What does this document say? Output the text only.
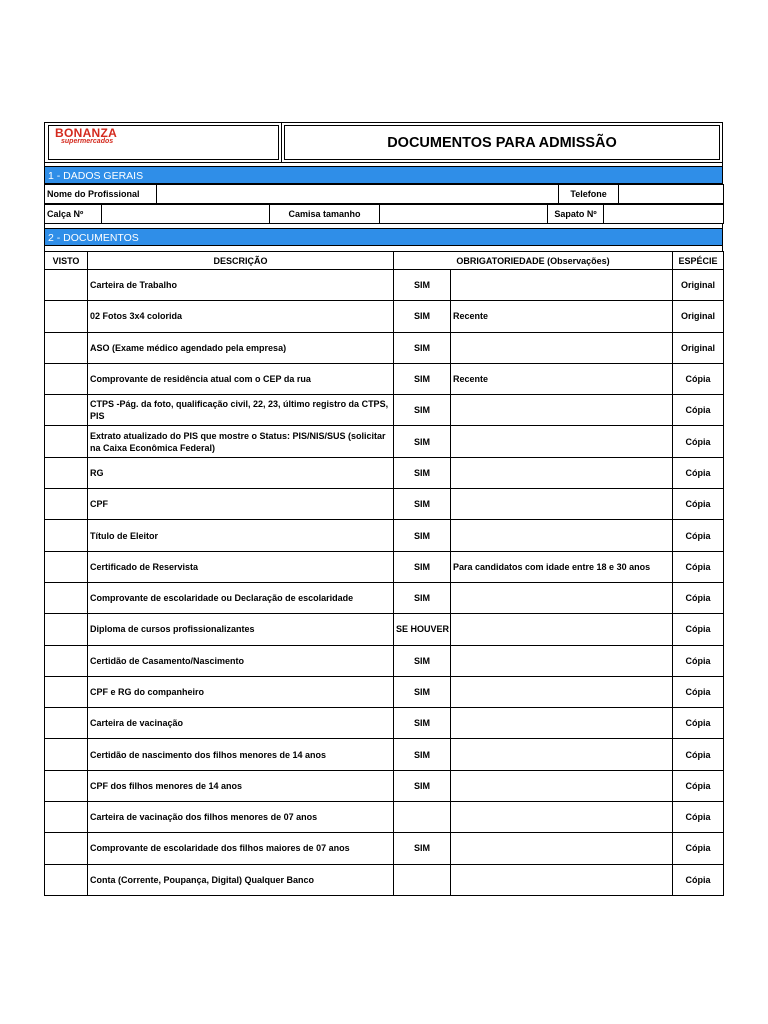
BONANZA
supermercados	DOCUMENTOS PARA ADMISSÃO
1 - DADOS GERAIS
Nome do Profissional		Telefone	
Calça Nº		Camisa tamanho		Sapato Nº	
2 - DOCUMENTOS
VISTO	DESCRIÇÃO	OBRIGATORIEDADE (Observações)		ESPÉCIE
	Carteira de Trabalho	SIM		Original
	02 Fotos 3x4 colorida	SIM	Recente	Original
	ASO (Exame médico agendado pela empresa)	SIM		Original
	Comprovante de residência atual com o CEP da rua	SIM	Recente	Cópia
	CTPS -Pág. da foto, qualificação civil, 22, 23, último registro da CTPS, PIS	SIM		Cópia
	Extrato atualizado do PIS que mostre o Status: PIS/NIS/SUS (solicitar na Caixa Econômica Federal)	SIM		Cópia
	RG	SIM		Cópia
	CPF	SIM		Cópia
	Título de Eleitor	SIM		Cópia
	Certificado de Reservista	SIM	Para candidatos com idade entre 18 e 30 anos	Cópia
	Comprovante de escolaridade ou Declaração de escolaridade	SIM		Cópia
	Diploma de cursos profissionalizantes	SE HOUVER		Cópia
	Certidão de Casamento/Nascimento	SIM		Cópia
	CPF e RG do companheiro	SIM		Cópia
	Carteira de vacinação	SIM		Cópia
	Certidão de nascimento dos filhos menores de 14 anos	SIM		Cópia
	CPF dos filhos menores de 14 anos	SIM		Cópia
	Carteira de vacinação dos filhos menores de 07 anos			Cópia
	Comprovante de escolaridade dos filhos maiores de 07 anos	SIM		Cópia
	Conta (Corrente, Poupança, Digital) Qualquer Banco			Cópia
